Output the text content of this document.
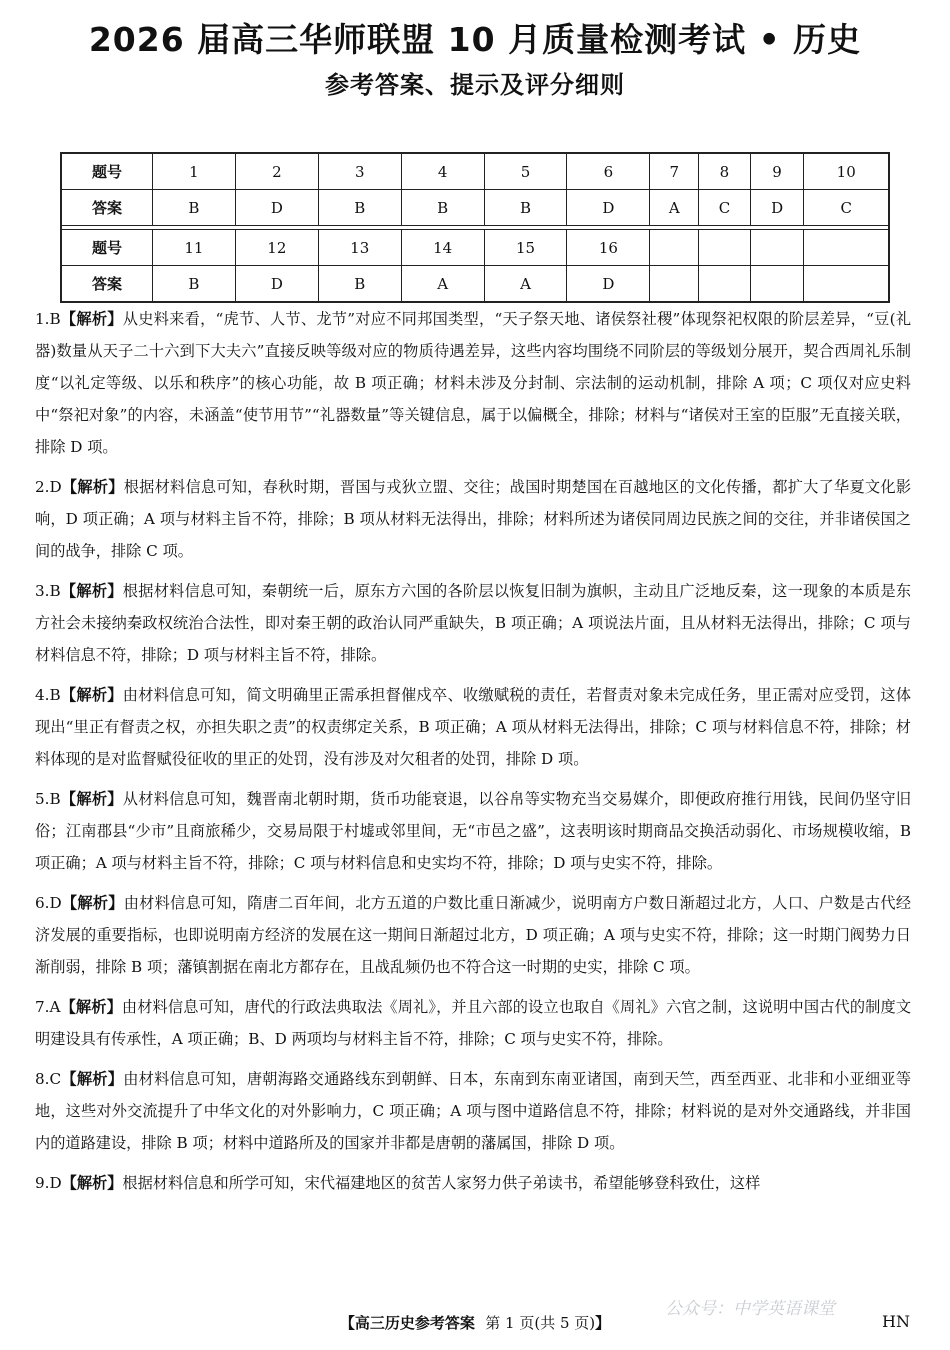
2026 届高三华师联盟 10 月质量检测考试 • 历史
参考答案、提示及评分细则
题号	1	2	3	4	5	6	7	8	9	10
答案	B	D	B	B	B	D	A	C	D	C

题号	11	12	13	14	15	16				
答案	B	D	B	A	A	D				
1.B【解析】从史料来看，“虎节、人节、龙节”对应不同邦国类型，“天子祭天地、诸侯祭社稷”体现祭祀权限的阶层差异，“豆(礼器)数量从天子二十六到下大夫六”直接反映等级对应的物质待遇差异，这些内容均围绕不同阶层的等级划分展开，契合西周礼乐制度“以礼定等级、以乐和秩序”的核心功能，故 B 项正确；材料未涉及分封制、宗法制的运动机制，排除 A 项；C 项仅对应史料中“祭祀对象”的内容，未涵盖“使节用节”“礼器数量”等关键信息，属于以偏概全，排除；材料与“诸侯对王室的臣服”无直接关联，排除 D 项。
2.D【解析】根据材料信息可知，春秋时期，晋国与戎狄立盟、交往；战国时期楚国在百越地区的文化传播，都扩大了华夏文化影响，D 项正确；A 项与材料主旨不符，排除；B 项从材料无法得出，排除；材料所述为诸侯同周边民族之间的交往，并非诸侯国之间的战争，排除 C 项。
3.B【解析】根据材料信息可知，秦朝统一后，原东方六国的各阶层以恢复旧制为旗帜，主动且广泛地反秦，这一现象的本质是东方社会未接纳秦政权统治合法性，即对秦王朝的政治认同严重缺失，B 项正确；A 项说法片面，且从材料无法得出，排除；C 项与材料信息不符，排除；D 项与材料主旨不符，排除。
4.B【解析】由材料信息可知，简文明确里正需承担督催戍卒、收缴赋税的责任，若督责对象未完成任务，里正需对应受罚，这体现出“里正有督责之权，亦担失职之责”的权责绑定关系，B 项正确；A 项从材料无法得出，排除；C 项与材料信息不符，排除；材料体现的是对监督赋役征收的里正的处罚，没有涉及对欠租者的处罚，排除 D 项。
5.B【解析】从材料信息可知，魏晋南北朝时期，货币功能衰退，以谷帛等实物充当交易媒介，即便政府推行用钱，民间仍坚守旧俗；江南郡县“少市”且商旅稀少，交易局限于村墟或邻里间，无“市邑之盛”，这表明该时期商品交换活动弱化、市场规模收缩，B 项正确；A 项与材料主旨不符，排除；C 项与材料信息和史实均不符，排除；D 项与史实不符，排除。
6.D【解析】由材料信息可知，隋唐二百年间，北方五道的户数比重日渐减少，说明南方户数日渐超过北方，人口、户数是古代经济发展的重要指标，也即说明南方经济的发展在这一期间日渐超过北方，D 项正确；A 项与史实不符，排除；这一时期门阀势力日渐削弱，排除 B 项；藩镇割据在南北方都存在，且战乱频仍也不符合这一时期的史实，排除 C 项。
7.A【解析】由材料信息可知，唐代的行政法典取法《周礼》，并且六部的设立也取自《周礼》六官之制，这说明中国古代的制度文明建设具有传承性，A 项正确；B、D 两项均与材料主旨不符，排除；C 项与史实不符，排除。
8.C【解析】由材料信息可知，唐朝海路交通路线东到朝鲜、日本，东南到东南亚诸国，南到天竺，西至西亚、北非和小亚细亚等地，这些对外交流提升了中华文化的对外影响力，C 项正确；A 项与图中道路信息不符，排除；材料说的是对外交通路线，并非国内的道路建设，排除 B 项；材料中道路所及的国家并非都是唐朝的藩属国，排除 D 项。
9.D【解析】根据材料信息和所学可知，宋代福建地区的贫苦人家努力供子弟读书，希望能够登科致仕，这样
公众号：中学英语课堂
【高三历史参考答案 第 1 页(共 5 页)】	HN
